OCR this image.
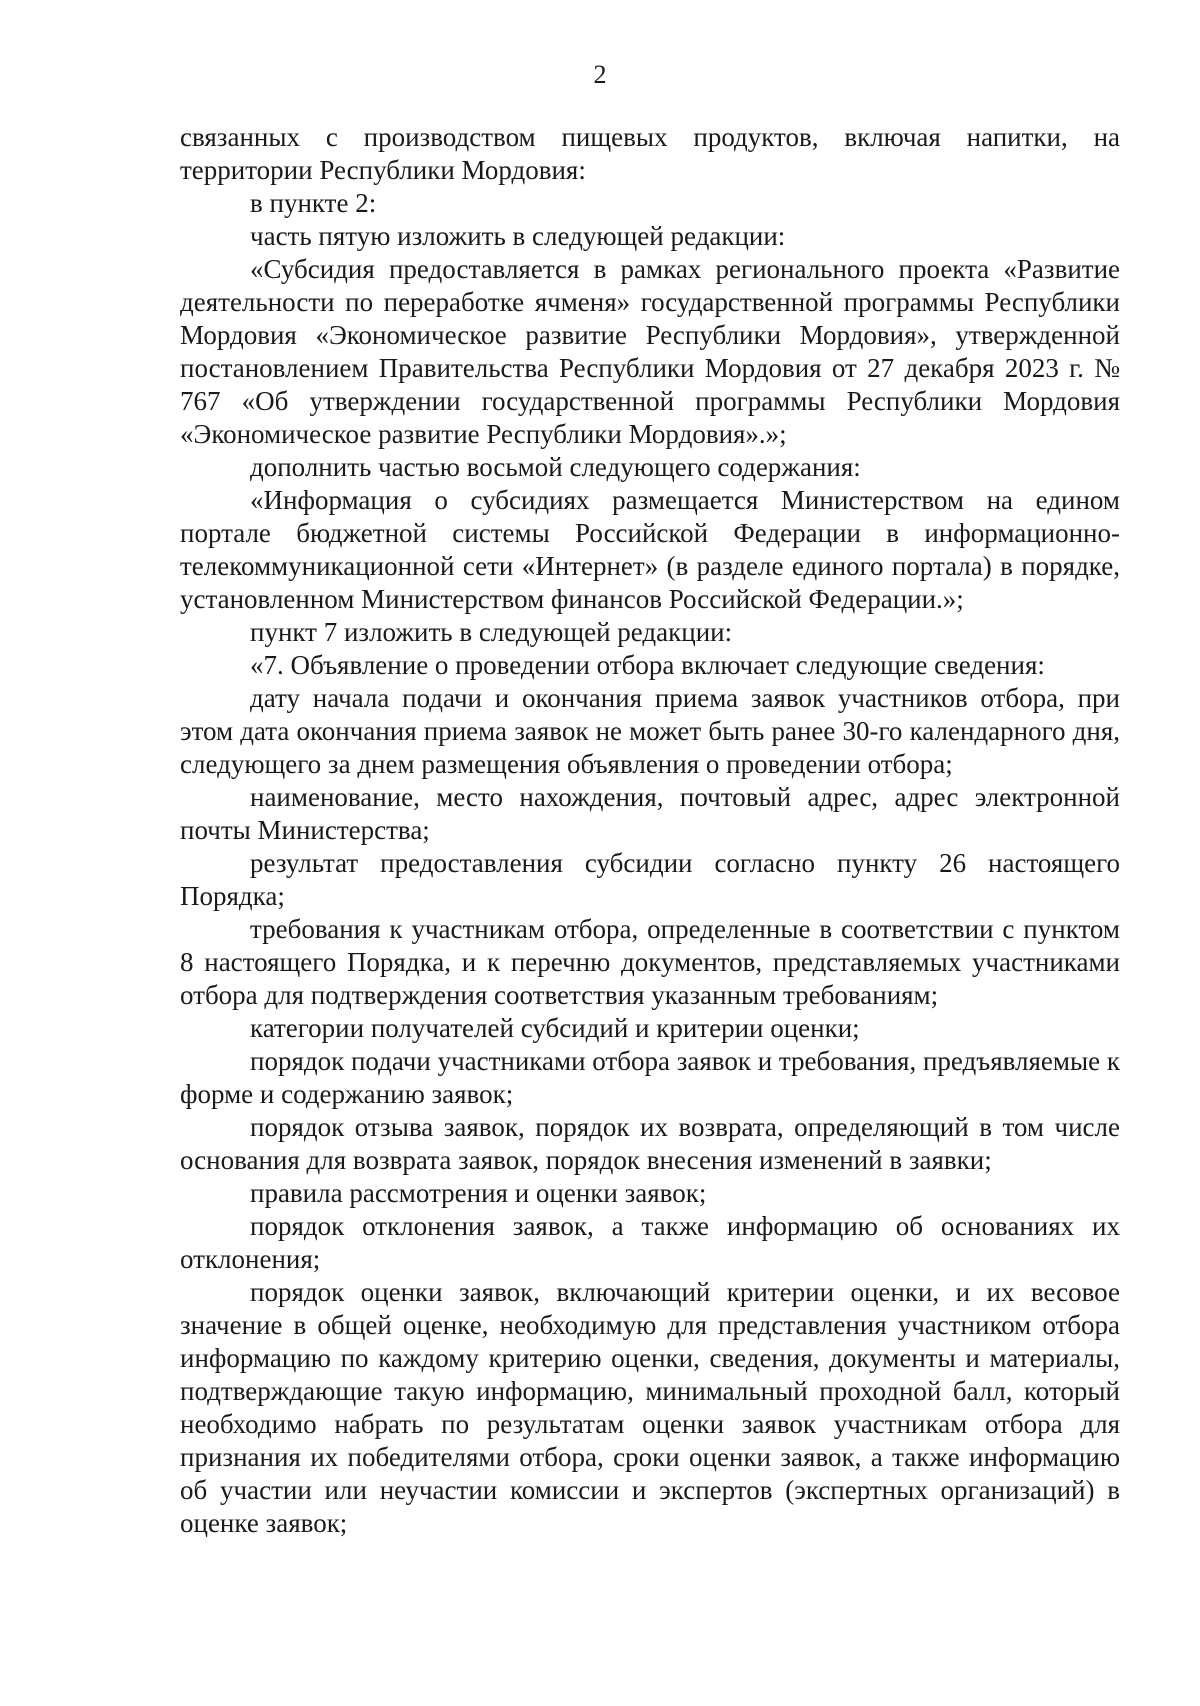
2

связанных с производством пищевых продуктов, включая напитки, на территории Республики Мордовия:

в пункте 2:

часть пятую изложить в следующей редакции:

«Субсидия предоставляется в рамках регионального проекта «Развитие деятельности по переработке ячменя» государственной программы Республики Мордовия «Экономическое развитие Республики Мордовия», утвержденной постановлением Правительства Республики Мордовия от 27 декабря 2023 г. № 767 «Об утверждении государственной программы Республики Мордовия «Экономическое развитие Республики Мордовия».»;

дополнить частью восьмой следующего содержания:

«Информация о субсидиях размещается Министерством на едином портале бюджетной системы Российской Федерации в информационно-телекоммуникационной сети «Интернет» (в разделе единого портала) в порядке, установленном Министерством финансов Российской Федерации.»;

пункт 7 изложить в следующей редакции:

«7. Объявление о проведении отбора включает следующие сведения:

дату начала подачи и окончания приема заявок участников отбора, при этом дата окончания приема заявок не может быть ранее 30-го календарного дня, следующего за днем размещения объявления о проведении отбора;

наименование, место нахождения, почтовый адрес, адрес электронной почты Министерства;

результат предоставления субсидии согласно пункту 26 настоящего Порядка;

требования к участникам отбора, определенные в соответствии с пунктом 8 настоящего Порядка, и к перечню документов, представляемых участниками отбора для подтверждения соответствия указанным требованиям;

категории получателей субсидий и критерии оценки;

порядок подачи участниками отбора заявок и требования, предъявляемые к форме и содержанию заявок;

порядок отзыва заявок, порядок их возврата, определяющий в том числе основания для возврата заявок, порядок внесения изменений в заявки;

правила рассмотрения и оценки заявок;

порядок отклонения заявок, а также информацию об основаниях их отклонения;

порядок оценки заявок, включающий критерии оценки, и их весовое значение в общей оценке, необходимую для представления участником отбора информацию по каждому критерию оценки, сведения, документы и материалы, подтверждающие такую информацию, минимальный проходной балл, который необходимо набрать по результатам оценки заявок участникам отбора для признания их победителями отбора, сроки оценки заявок, а также информацию об участии или неучастии комиссии и экспертов (экспертных организаций) в оценке заявок;
